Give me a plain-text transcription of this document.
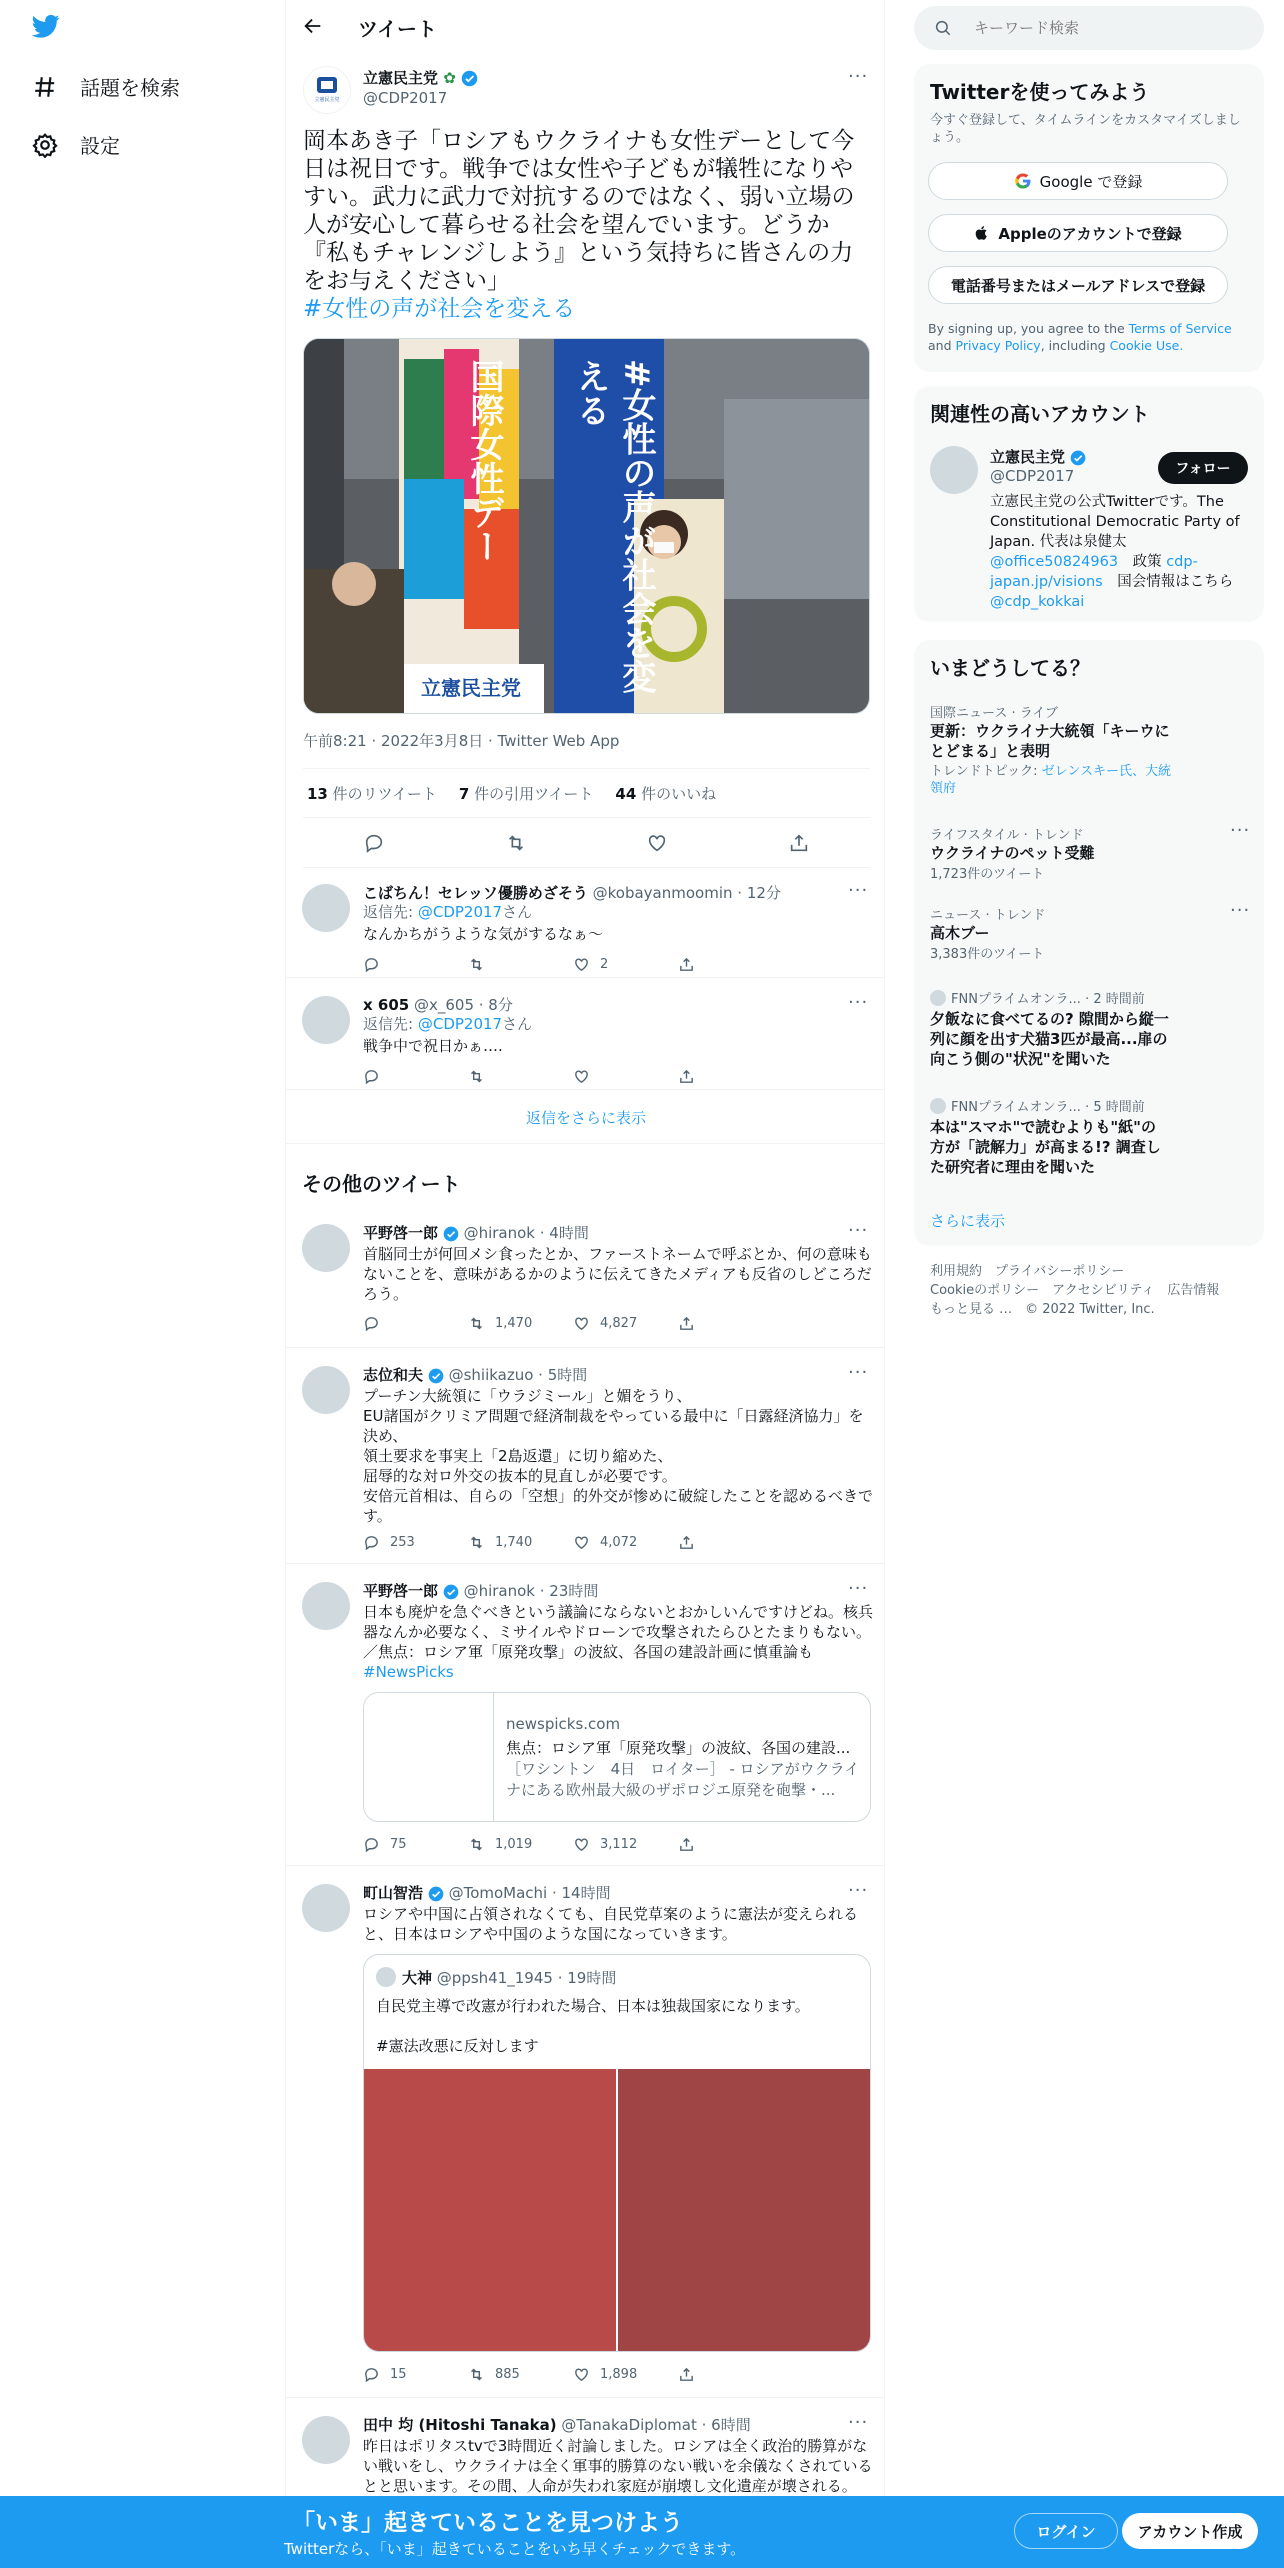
話題を検索
設定
ツイート
立憲民主党
立憲民主党 ✿
@CDP2017
···
岡本あき子「ロシアもウクライナも女性デーとして今日は祝日です。戦争では女性や子どもが犠牲になりやすい。武力に武力で対抗するのではなく、弱い立場の人が安心して暮らせる社会を望んでいます。どうか『私もチャレンジしよう』という気持ちに皆さんの力をお与えください」
#女性の声が社会を変える
立憲民主党
国際女性デー	#女性の声が社会を変える
午前8:21 · 2022年3月8日 · Twitter Web App
13 件のリツイート 7 件の引用ツイート 44 件のいいね
こばちん！セレッソ優勝めざそう @kobayanmoomin · 12分	···
返信先: @CDP2017さん
なんかちがうような気がするなぁ～
2
x 605 @x_605 · 8分	···
返信先: @CDP2017さん
戦争中で祝日かぁ….
返信をさらに表示
その他のツイート
平野啓一郎 @hiranok · 4時間	···
首脳同士が何回メシ食ったとか、ファーストネームで呼ぶとか、何の意味もないことを、意味があるかのように伝えてきたメディアも反省のしどころだろう。
1,470	4,827
志位和夫 @shiikazuo · 5時間	···
プーチン大統領に「ウラジミール」と媚をうり、
EU諸国がクリミア問題で経済制裁をやっている最中に「日露経済協力」を決め、
領土要求を事実上「2島返還」に切り縮めた、
屈辱的な対ロ外交の抜本的見直しが必要です。
安倍元首相は、自らの「空想」的外交が惨めに破綻したことを認めるべきです。
253	1,740	4,072
平野啓一郎 @hiranok · 23時間	···
日本も廃炉を急ぐべきという議論にならないとおかしいんですけどね。核兵器なんか必要なく、ミサイルやドローンで攻撃されたらひとたまりもない。／焦点：ロシア軍「原発攻撃」の波紋、各国の建設計画に慎重論も #NewsPicks
newspicks.com
焦点：ロシア軍「原発攻撃」の波紋、各国の建設...
［ワシントン　4日　ロイター］ - ロシアがウクライナにある欧州最大級のザポロジエ原発を砲撃・...
75	1,019	3,112
町山智浩 @TomoMachi · 14時間	···
ロシアや中国に占領されなくても、自民党草案のように憲法が変えられると、日本はロシアや中国のような国になっていきます。
大神 @ppsh41_1945 · 19時間
自民党主導で改憲が行われた場合、日本は独裁国家になります。
#憲法改悪に反対します
15	885	1,898
田中 均 (Hitoshi Tanaka) @TanakaDiplomat · 6時間	···
昨日はポリタスtvで3時間近く討論しました。ロシアは全く政治的勝算がない戦いをし、ウクライナは全く軍事的勝算のない戦いを余儀なくされているとと思います。その間、人命が失われ家庭が崩壊し文化遺産が壊される。
キーワード検索
Twitterを使ってみよう
今すぐ登録して、タイムラインをカスタマイズしましょう。
Google で登録
Appleのアカウントで登録
電話番号またはメールアドレスで登録
By signing up, you agree to the Terms of Service and Privacy Policy, including Cookie Use.
関連性の高いアカウント
立憲民主党
@CDP2017	フォロー
立憲民主党の公式Twitterです。The Constitutional Democratic Party of Japan. 代表は泉健太 @office50824963　 政策 cdp-japan.jp/visions　 国会情報はこちら @cdp_kokkai
いまどうしてる？
国際ニュース · ライブ
更新：ウクライナ大統領「キーウにとどまる」と表明
トレンドトピック: ゼレンスキー氏、大統領府
ライフスタイル · トレンド
ウクライナのペット受難
1,723件のツイート
···
ニュース · トレンド
高木ブー
3,383件のツイート
···
FNNプライムオンラ... · 2 時間前
夕飯なに食べてるの? 隙間から縦一列に顔を出す犬猫3匹が最高...扉の向こう側の"状況"を聞いた
FNNプライムオンラ... · 5 時間前
本は"スマホ"で読むよりも"紙"の方が「読解力」が高まる!? 調査した研究者に理由を聞いた
さらに表示
利用規約　プライバシーポリシー
Cookieのポリシー　アクセシビリティ　広告情報
もっと見る …　© 2022 Twitter, Inc.
「いま」起きていることを見つけよう
Twitterなら、「いま」起きていることをいち早くチェックできます。
ログイン	アカウント作成
